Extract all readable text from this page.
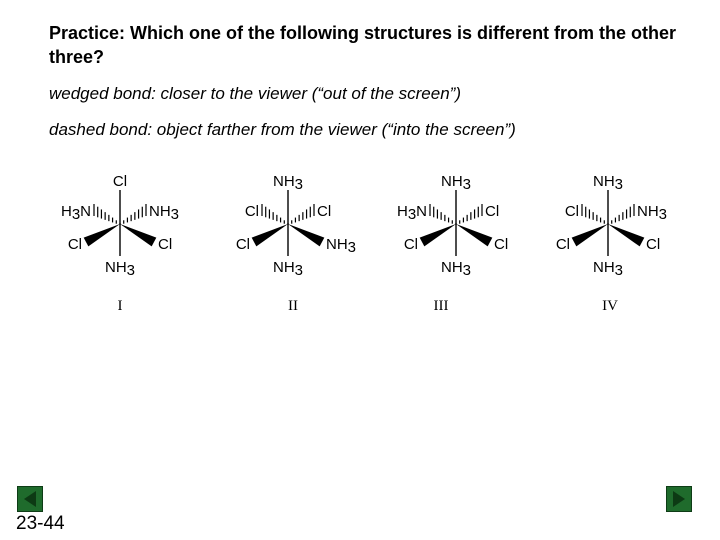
Practice: Which one of the following structures is different from the other three?
wedged bond: closer to the viewer (“out of the screen”)
dashed bond: object farther from the viewer (“into the screen”)
Cl
NH3
H3N	NH3
Cl	Cl
NH3
NH3
Cl	Cl
Cl	NH3
NH3
NH3
H3N	Cl
Cl	Cl
NH3
NH3
Cl	NH3
Cl	Cl
I	II	III	IV
23-44
